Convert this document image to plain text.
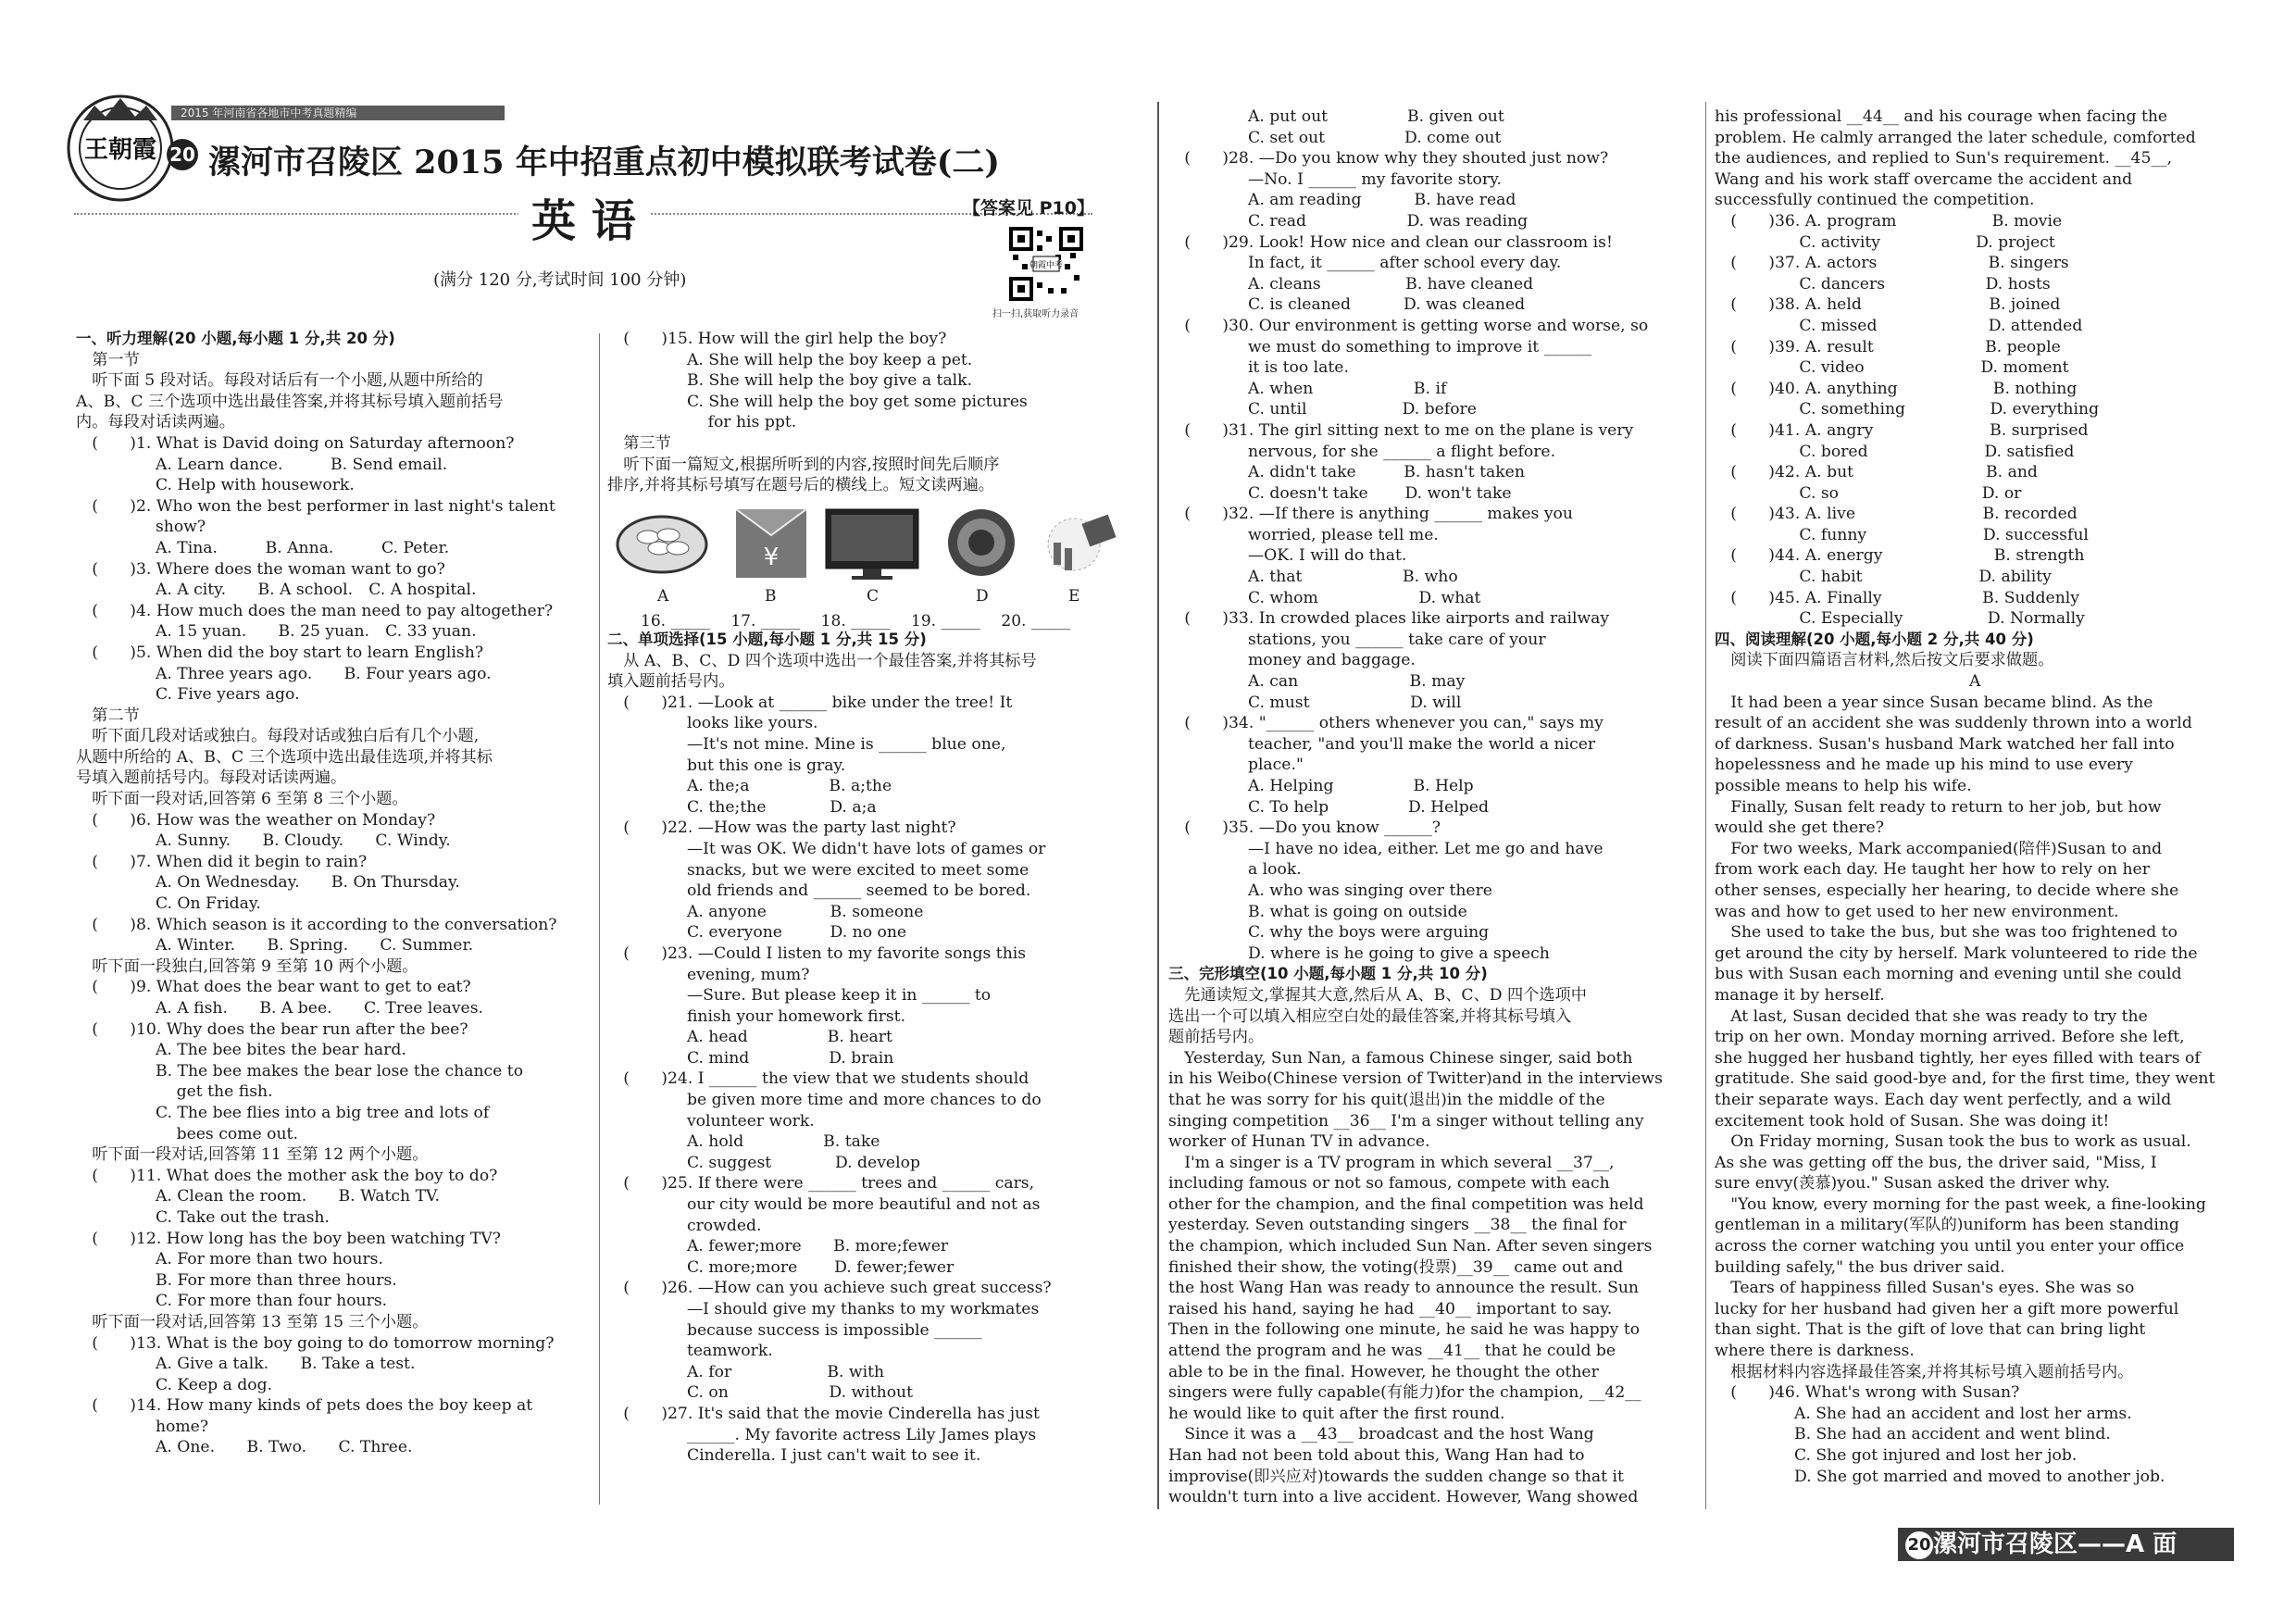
王朝霞
2015 年河南省各地市中考真题精编
20 漯河市召陵区 2015 年中招重点初中模拟联考试卷(二)
英 语	【答案见 P10】
(满分 120 分,考试时间 100 分钟)
朝霞中考
扫一扫,获取听力录音

一、听力理解(20 小题,每小题 1 分,共 20 分)

　第一节

　听下面 5 段对话。每段对话后有一个小题,从题中所给的

A、B、C 三个选项中选出最佳答案,并将其标号填入题前括号

内。每段对话读两遍。

　(　　)1. What is David doing on Saturday afternoon?

　　　　　A. Learn dance.　　　B. Send email.

　　　　　C. Help with housework.

　(　　)2. Who won the best performer in last night's talent

　　　　　show?

　　　　　A. Tina.　　　B. Anna.　　　C. Peter.

　(　　)3. Where does the woman want to go?

　　　　　A. A city.　　B. A school.　C. A hospital.

　(　　)4. How much does the man need to pay altogether?

　　　　　A. 15 yuan.　　B. 25 yuan.　C. 33 yuan.

　(　　)5. When did the boy start to learn English?

　　　　　A. Three years ago.　　B. Four years ago.

　　　　　C. Five years ago.

　第二节

　听下面几段对话或独白。每段对话或独白后有几个小题,

从题中所给的 A、B、C 三个选项中选出最佳选项,并将其标

号填入题前括号内。每段对话读两遍。

　听下面一段对话,回答第 6 至第 8 三个小题。

　(　　)6. How was the weather on Monday?

　　　　　A. Sunny.　　B. Cloudy.　　C. Windy.

　(　　)7. When did it begin to rain?

　　　　　A. On Wednesday.　　B. On Thursday.

　　　　　C. On Friday.

　(　　)8. Which season is it according to the conversation?

　　　　　A. Winter.　　B. Spring.　　C. Summer.

　听下面一段独白,回答第 9 至第 10 两个小题。

　(　　)9. What does the bear want to get to eat?

　　　　　A. A fish.　　B. A bee.　　C. Tree leaves.

　(　　)10. Why does the bear run after the bee?

　　　　　A. The bee bites the bear hard.

　　　　　B. The bee makes the bear lose the chance to

　　　　　　 get the fish.

　　　　　C. The bee flies into a big tree and lots of

　　　　　　 bees come out.

　听下面一段对话,回答第 11 至第 12 两个小题。

　(　　)11. What does the mother ask the boy to do?

　　　　　A. Clean the room.　　B. Watch TV.

　　　　　C. Take out the trash.

　(　　)12. How long has the boy been watching TV?

　　　　　A. For more than two hours.

　　　　　B. For more than three hours.

　　　　　C. For more than four hours.

　听下面一段对话,回答第 13 至第 15 三个小题。

　(　　)13. What is the boy going to do tomorrow morning?

　　　　　A. Give a talk.　　B. Take a test.

　　　　　C. Keep a dog.

　(　　)14. How many kinds of pets does the boy keep at

　　　　　home?

　　　　　A. One.　　B. Two.　　C. Three.

　(　　)15. How will the girl help the boy?

　　　　　A. She will help the boy keep a pet.

　　　　　B. She will help the boy give a talk.

　　　　　C. She will help the boy get some pictures

　　　　　　 for his ppt.

　第三节

　听下面一篇短文,根据所听到的内容,按照时间先后顺序

排序,并将其标号填写在题号后的横线上。短文读两遍。

¥
A	B	C	D	E
16. _____　 17. _____　 18. _____　 19. _____　 20. _____

二、单项选择(15 小题,每小题 1 分,共 15 分)

　从 A、B、C、D 四个选项中选出一个最佳答案,并将其标号

填入题前括号内。

　(　　)21. —Look at ______ bike under the tree! It

　　　　　looks like yours.

　　　　　—It's not mine. Mine is ______ blue one,

　　　　　but this one is gray.

　　　　　A. the;a　　　　　B. a;the

　　　　　C. the;the　　　　D. a;a

　(　　)22. —How was the party last night?

　　　　　—It was OK. We didn't have lots of games or

　　　　　snacks, but we were excited to meet some

　　　　　old friends and ______ seemed to be bored.

　　　　　A. anyone　　　　B. someone

　　　　　C. everyone　　　D. no one

　(　　)23. —Could I listen to my favorite songs this

　　　　　evening, mum?

　　　　　—Sure. But please keep it in ______ to

　　　　　finish your homework first.

　　　　　A. head　　　　　B. heart

　　　　　C. mind　　　　　D. brain

　(　　)24. I ______ the view that we students should

　　　　　be given more time and more chances to do

　　　　　volunteer work.

　　　　　A. hold　　　　　B. take

　　　　　C. suggest　　　　D. develop

　(　　)25. If there were ______ trees and ______ cars,

　　　　　our city would be more beautiful and not as

　　　　　crowded.

　　　　　A. fewer;more　　B. more;fewer

　　　　　C. more;more　　 D. fewer;fewer

　(　　)26. —How can you achieve such great success?

　　　　　—I should give my thanks to my workmates

　　　　　because success is impossible ______

　　　　　teamwork.

　　　　　A. for　　　　　　B. with

　　　　　C. on　　　　　　 D. without

　(　　)27. It's said that the movie Cinderella has just

　　　　　______. My favorite actress Lily James plays

　　　　　Cinderella. I just can't wait to see it.

　　　　　A. put out　　　　　B. given out

　　　　　C. set out　　　　　D. come out

　(　　)28. —Do you know why they shouted just now?

　　　　　—No. I ______ my favorite story.

　　　　　A. am reading　　　 B. have read

　　　　　C. read　　　　　　 D. was reading

　(　　)29. Look! How nice and clean our classroom is!

　　　　　In fact, it ______ after school every day.

　　　　　A. cleans　　　　　 B. have cleaned

　　　　　C. is cleaned　　　 D. was cleaned

　(　　)30. Our environment is getting worse and worse, so

　　　　　we must do something to improve it ______

　　　　　it is too late.

　　　　　A. when　　　　　　 B. if

　　　　　C. until　　　　　　D. before

　(　　)31. The girl sitting next to me on the plane is very

　　　　　nervous, for she ______ a flight before.

　　　　　A. didn't take　　　B. hasn't taken

　　　　　C. doesn't take　　 D. won't take

　(　　)32. —If there is anything ______ makes you

　　　　　worried, please tell me.

　　　　　—OK. I will do that.

　　　　　A. that　　　　　　 B. who

　　　　　C. whom　　　　　　 D. what

　(　　)33. In crowded places like airports and railway

　　　　　stations, you ______ take care of your

　　　　　money and baggage.

　　　　　A. can　　　　　　　B. may

　　　　　C. must　　　　　　 D. will

　(　　)34. "______ others whenever you can," says my

　　　　　teacher, "and you'll make the world a nicer

　　　　　place."

　　　　　A. Helping　　　　　B. Help

　　　　　C. To help　　　　　D. Helped

　(　　)35. —Do you know ______?

　　　　　—I have no idea, either. Let me go and have

　　　　　a look.

　　　　　A. who was singing over there

　　　　　B. what is going on outside

　　　　　C. why the boys were arguing

　　　　　D. where is he going to give a speech

三、完形填空(10 小题,每小题 1 分,共 10 分)

　先通读短文,掌握其大意,然后从 A、B、C、D 四个选项中

选出一个可以填入相应空白处的最佳答案,并将其标号填入

题前括号内。

　Yesterday, Sun Nan, a famous Chinese singer, said both

in his Weibo(Chinese version of Twitter)and in the interviews

that he was sorry for his quit(退出)in the middle of the

singing competition __36__ I'm a singer without telling any

worker of Hunan TV in advance.

　I'm a singer is a TV program in which several __37__,

including famous or not so famous, compete with each

other for the champion, and the final competition was held

yesterday. Seven outstanding singers __38__ the final for

the champion, which included Sun Nan. After seven singers

finished their show, the voting(投票)__39__ came out and

the host Wang Han was ready to announce the result. Sun

raised his hand, saying he had __40__ important to say.

Then in the following one minute, he said he was happy to

attend the program and he was __41__ that he could be

able to be in the final. However, he thought the other

singers were fully capable(有能力)for the champion, __42__

he would like to quit after the first round.

　Since it was a __43__ broadcast and the host Wang

Han had not been told about this, Wang Han had to

improvise(即兴应对)towards the sudden change so that it

wouldn't turn into a live accident. However, Wang showed

his professional __44__ and his courage when facing the

problem. He calmly arranged the later schedule, comforted

the audiences, and replied to Sun's requirement. __45__,

Wang and his work staff overcame the accident and

successfully continued the competition.

　(　　)36. A. program　　　　　　B. movie

　　　　　 C. activity　　　　　　D. project

　(　　)37. A. actors　　　　　　　B. singers

　　　　　 C. dancers　　　　　　 D. hosts

　(　　)38. A. held　　　　　　　　B. joined

　　　　　 C. missed　　　　　　　D. attended

　(　　)39. A. result　　　　　　　B. people

　　　　　 C. video　　　　　　　 D. moment

　(　　)40. A. anything　　　　　　B. nothing

　　　　　 C. something　　　　　 D. everything

　(　　)41. A. angry　　　　　　　 B. surprised

　　　　　 C. bored　　　　　　　 D. satisfied

　(　　)42. A. but　　　　　　　　 B. and

　　　　　 C. so　　　　　　　　　D. or

　(　　)43. A. live　　　　　　　　B. recorded

　　　　　 C. funny　　　　　　　 D. successful

　(　　)44. A. energy　　　　　　　B. strength

　　　　　 C. habit　　　　　　　 D. ability

　(　　)45. A. Finally　　　　　　 B. Suddenly

　　　　　 C. Especially　　　　　 D. Normally

四、阅读理解(20 小题,每小题 2 分,共 40 分)

　阅读下面四篇语言材料,然后按文后要求做题。

　　　　　　　　　　　　　　　　A

　It had been a year since Susan became blind. As the

result of an accident she was suddenly thrown into a world

of darkness. Susan's husband Mark watched her fall into

hopelessness and he made up his mind to use every

possible means to help his wife.

　Finally, Susan felt ready to return to her job, but how

would she get there?

　For two weeks, Mark accompanied(陪伴)Susan to and

from work each day. He taught her how to rely on her

other senses, especially her hearing, to decide where she

was and how to get used to her new environment.

　She used to take the bus, but she was too frightened to

get around the city by herself. Mark volunteered to ride the

bus with Susan each morning and evening until she could

manage it by herself.

　At last, Susan decided that she was ready to try the

trip on her own. Monday morning arrived. Before she left,

she hugged her husband tightly, her eyes filled with tears of

gratitude. She said good-bye and, for the first time, they went

their separate ways. Each day went perfectly, and a wild

excitement took hold of Susan. She was doing it!

　On Friday morning, Susan took the bus to work as usual.

As she was getting off the bus, the driver said, "Miss, I

sure envy(羡慕)you." Susan asked the driver why.

　"You know, every morning for the past week, a fine-looking

gentleman in a military(军队的)uniform has been standing

across the corner watching you until you enter your office

building safely," the bus driver said.

　Tears of happiness filled Susan's eyes. She was so

lucky for her husband had given her a gift more powerful

than sight. That is the gift of love that can bring light

where there is darkness.

　根据材料内容选择最佳答案,并将其标号填入题前括号内。

　(　　)46. What's wrong with Susan?

　　　　　A. She had an accident and lost her arms.

　　　　　B. She had an accident and went blind.

　　　　　C. She got injured and lost her job.

　　　　　D. She got married and moved to another job.

20漯河市召陵区——A 面
